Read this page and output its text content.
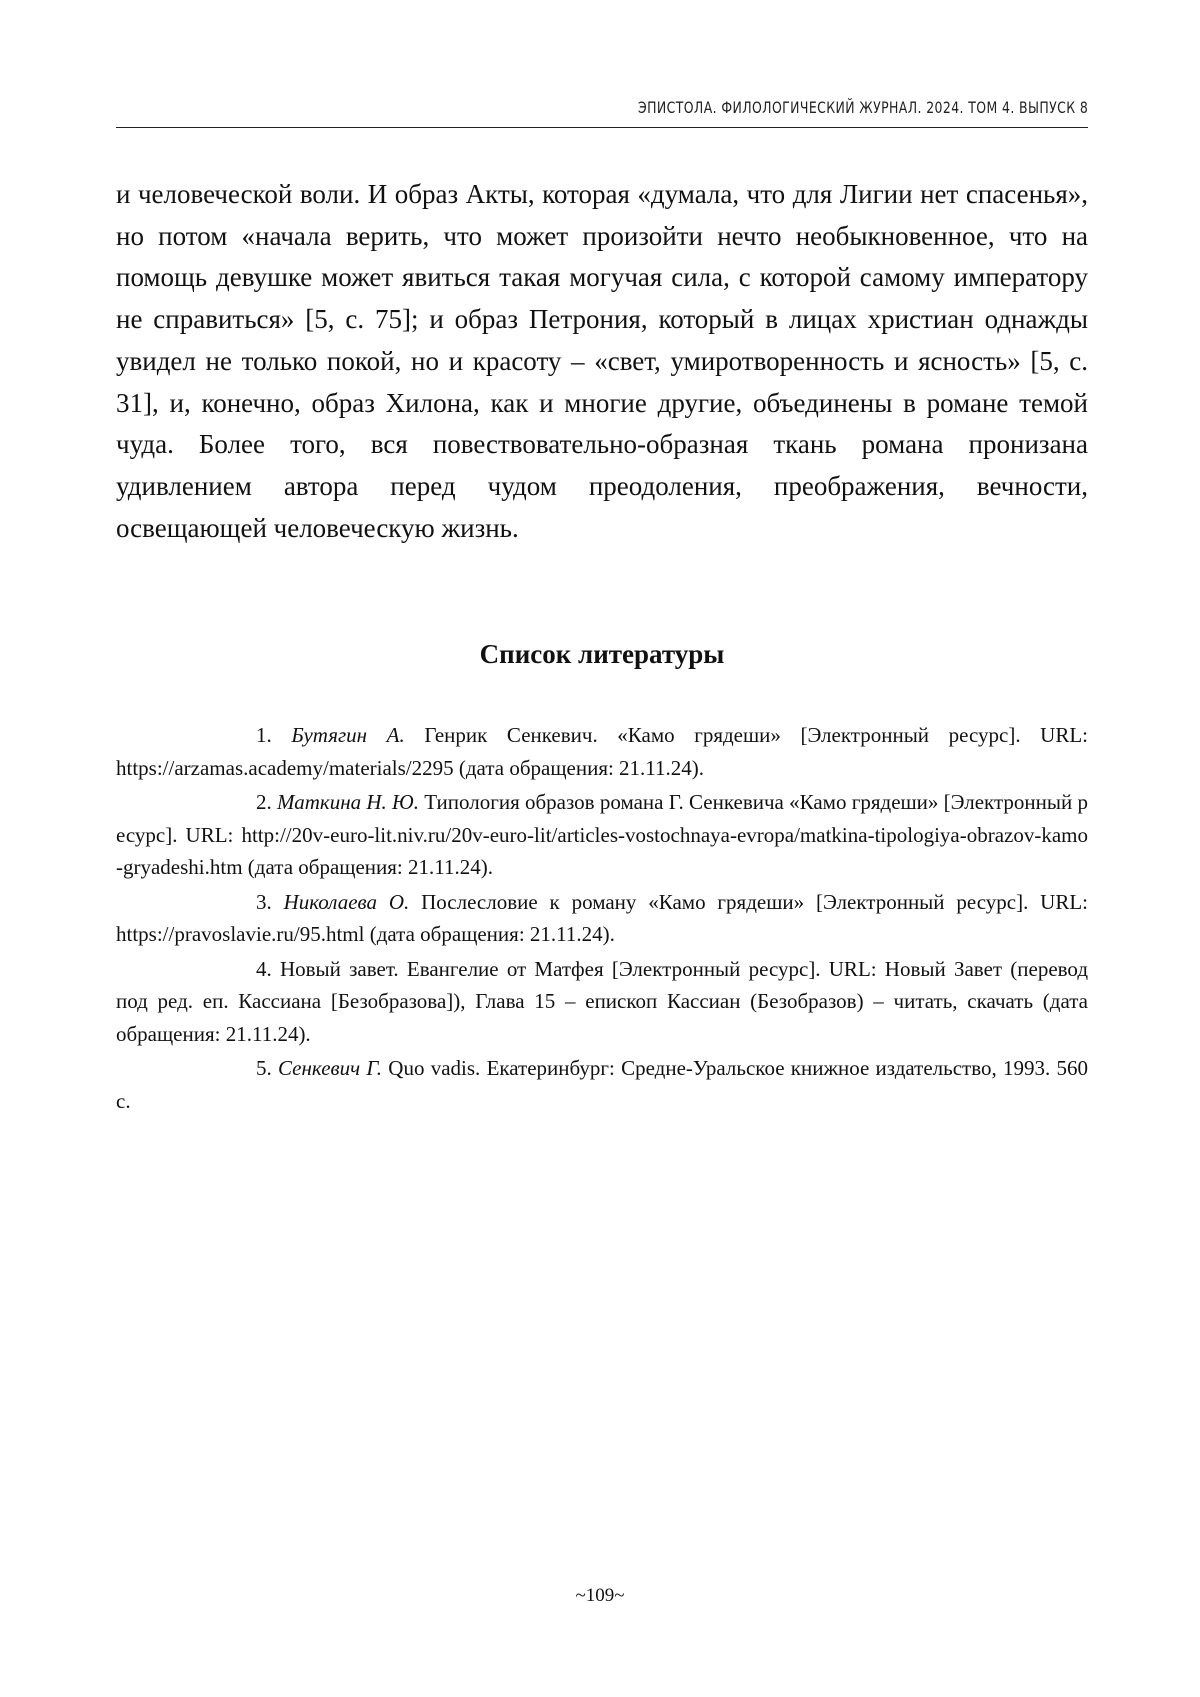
ЭПИСТОЛА. ФИЛОЛОГИЧЕСКИЙ ЖУРНАЛ. 2024. ТОМ 4. ВЫПУСК 8

и человеческой воли. И образ Акты, которая «думала, что для Лигии нет спасенья», но потом «начала верить, что может произойти нечто необыкновенное, что на помощь девушке может явиться такая могучая сила, с которой самому императору не справиться» [5, с. 75]; и образ Петрония, который в лицах христиан однажды увидел не только покой, но и красоту – «свет, умиротворенность и ясность» [5, с. 31], и, конечно, образ Хилона, как и многие другие, объединены в романе темой чуда. Более того, вся повествовательно-образная ткань романа пронизана удивлением автора перед чудом преодоления, преображения, вечности, освещающей человеческую жизнь.

Список литературы
1. Бутягин А. Генрик Сенкевич. «Камо грядеши» [Электронный ресурс]. URL: https://arzamas.academy/materials/2295 (дата обращения: 21.11.24).
2. Маткина Н. Ю. Типология образов романа Г. Сенкевича «Камо грядеши» [Электронный ресурс]. URL: http://20v-euro-lit.niv.ru/20v-euro-lit/articles-vostochnaya-evropa/matkina-tipologiya-obrazov-kamo-gryadeshi.htm (дата обращения: 21.11.24).
3. Николаева О. Послесловие к роману «Камо грядеши» [Электронный ресурс]. URL: https://pravoslavie.ru/95.html (дата обращения: 21.11.24).
4. Новый завет. Евангелие от Матфея [Электронный ресурс]. URL: Новый Завет (перевод под ред. еп. Кассиана [Безобразова]), Глава 15 – епископ Кассиан (Безобразов) – читать, скачать (дата обращения: 21.11.24).
5. Сенкевич Г. Quo vadis. Екатеринбург: Средне-Уральское книжное издательство, 1993. 560 с.
~109~
